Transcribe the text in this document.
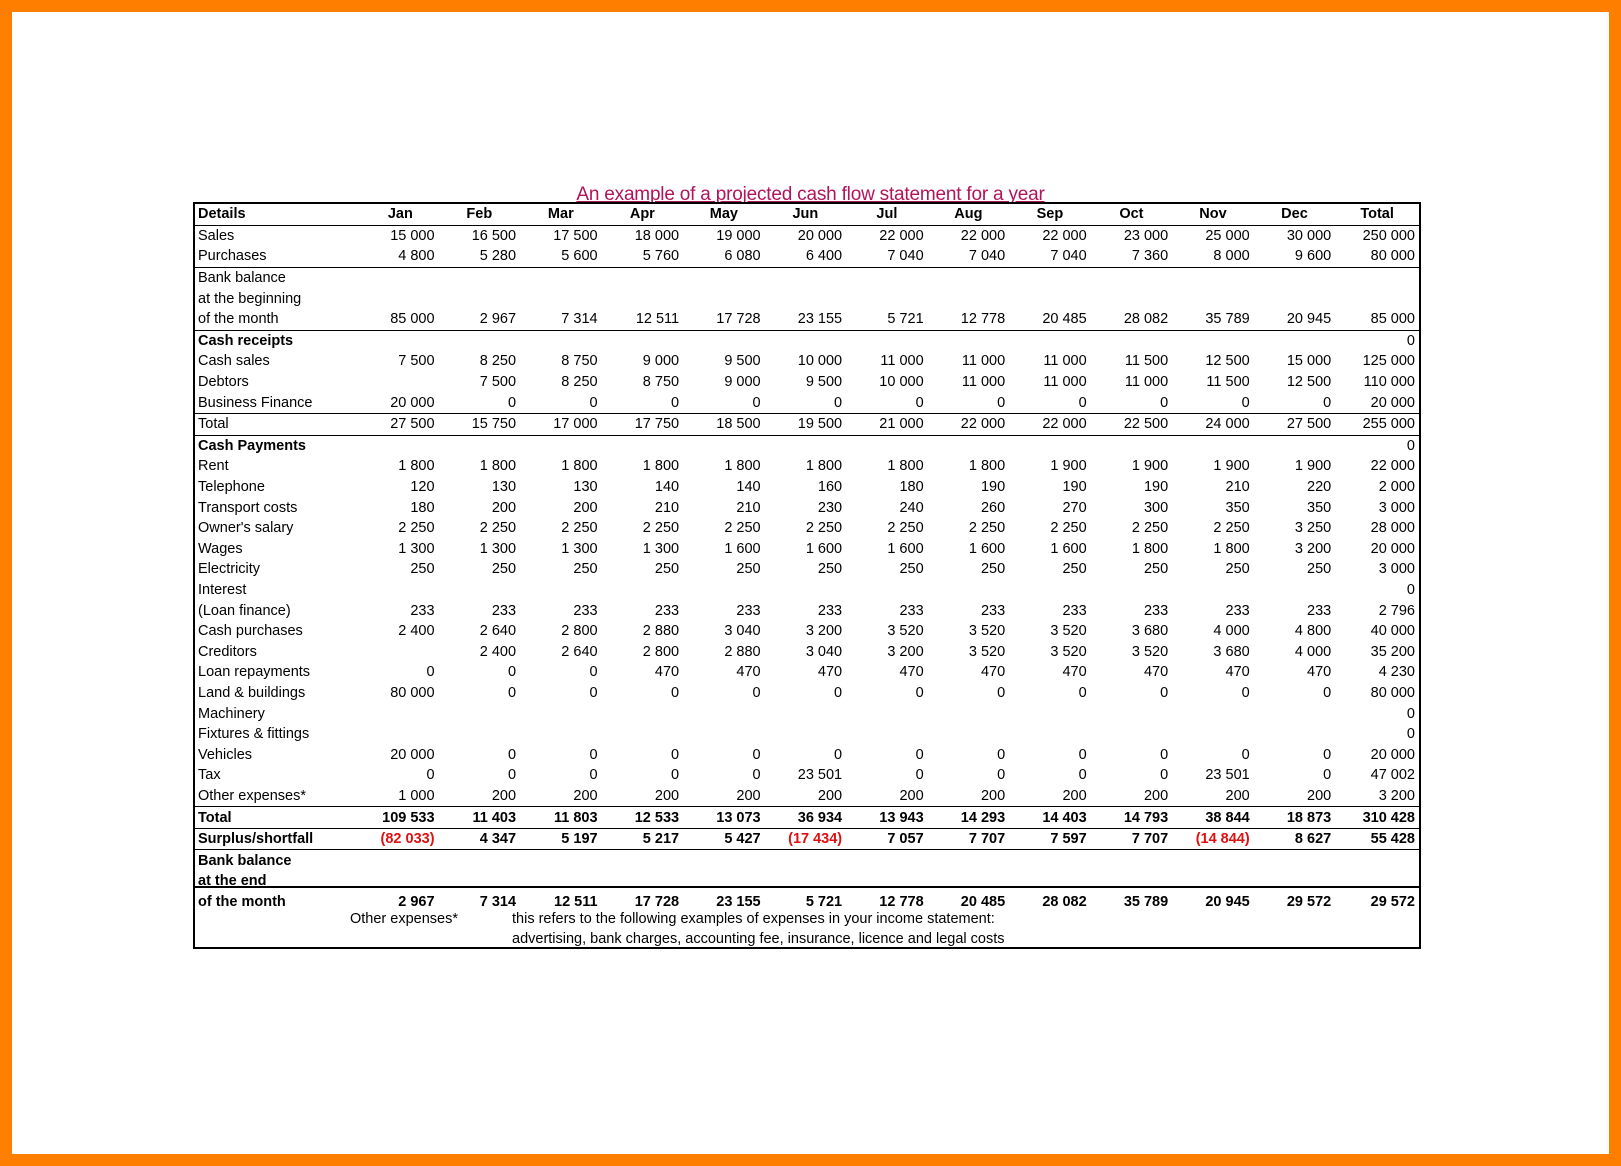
An example of a projected cash flow statement for a year
Details	Jan	Feb	Mar	Apr	May	Jun	Jul	Aug	Sep	Oct	Nov	Dec	Total
Sales	15 000	16 500	17 500	18 000	19 000	20 000	22 000	22 000	22 000	23 000	25 000	30 000	250 000
Purchases	4 800	5 280	5 600	5 760	6 080	6 400	7 040	7 040	7 040	7 360	8 000	9 600	80 000
Bank balance													
at the beginning													
of the month	85 000	2 967	7 314	12 511	17 728	23 155	5 721	12 778	20 485	28 082	35 789	20 945	85 000
Cash receipts													0
Cash sales	7 500	8 250	8 750	9 000	9 500	10 000	11 000	11 000	11 000	11 500	12 500	15 000	125 000
Debtors		7 500	8 250	8 750	9 000	9 500	10 000	11 000	11 000	11 000	11 500	12 500	110 000
Business Finance	20 000	0	0	0	0	0	0	0	0	0	0	0	20 000
Total	27 500	15 750	17 000	17 750	18 500	19 500	21 000	22 000	22 000	22 500	24 000	27 500	255 000
Cash Payments													0
Rent	1 800	1 800	1 800	1 800	1 800	1 800	1 800	1 800	1 900	1 900	1 900	1 900	22 000
Telephone	120	130	130	140	140	160	180	190	190	190	210	220	2 000
Transport costs	180	200	200	210	210	230	240	260	270	300	350	350	3 000
Owner's salary	2 250	2 250	2 250	2 250	2 250	2 250	2 250	2 250	2 250	2 250	2 250	3 250	28 000
Wages	1 300	1 300	1 300	1 300	1 600	1 600	1 600	1 600	1 600	1 800	1 800	3 200	20 000
Electricity	250	250	250	250	250	250	250	250	250	250	250	250	3 000
Interest													0
(Loan finance)	233	233	233	233	233	233	233	233	233	233	233	233	2 796
Cash purchases	2 400	2 640	2 800	2 880	3 040	3 200	3 520	3 520	3 520	3 680	4 000	4 800	40 000
Creditors		2 400	2 640	2 800	2 880	3 040	3 200	3 520	3 520	3 520	3 680	4 000	35 200
Loan repayments	0	0	0	470	470	470	470	470	470	470	470	470	4 230
Land & buildings	80 000	0	0	0	0	0	0	0	0	0	0	0	80 000
Machinery													0
Fixtures & fittings													0
Vehicles	20 000	0	0	0	0	0	0	0	0	0	0	0	20 000
Tax	0	0	0	0	0	23 501	0	0	0	0	23 501	0	47 002
Other expenses*	1 000	200	200	200	200	200	200	200	200	200	200	200	3 200
Total	109 533	11 403	11 803	12 533	13 073	36 934	13 943	14 293	14 403	14 793	38 844	18 873	310 428
Surplus/shortfall	(82 033)	4 347	5 197	5 217	5 427	(17 434)	7 057	7 707	7 597	7 707	(14 844)	8 627	55 428
Bank balance													
at the end													
of the month	2 967	7 314	12 511	17 728	23 155	5 721	12 778	20 485	28 082	35 789	20 945	29 572	29 572
Other expenses*	this refers to the following examples of expenses in your income statement:
advertising, bank charges, accounting fee, insurance, licence and legal costs
